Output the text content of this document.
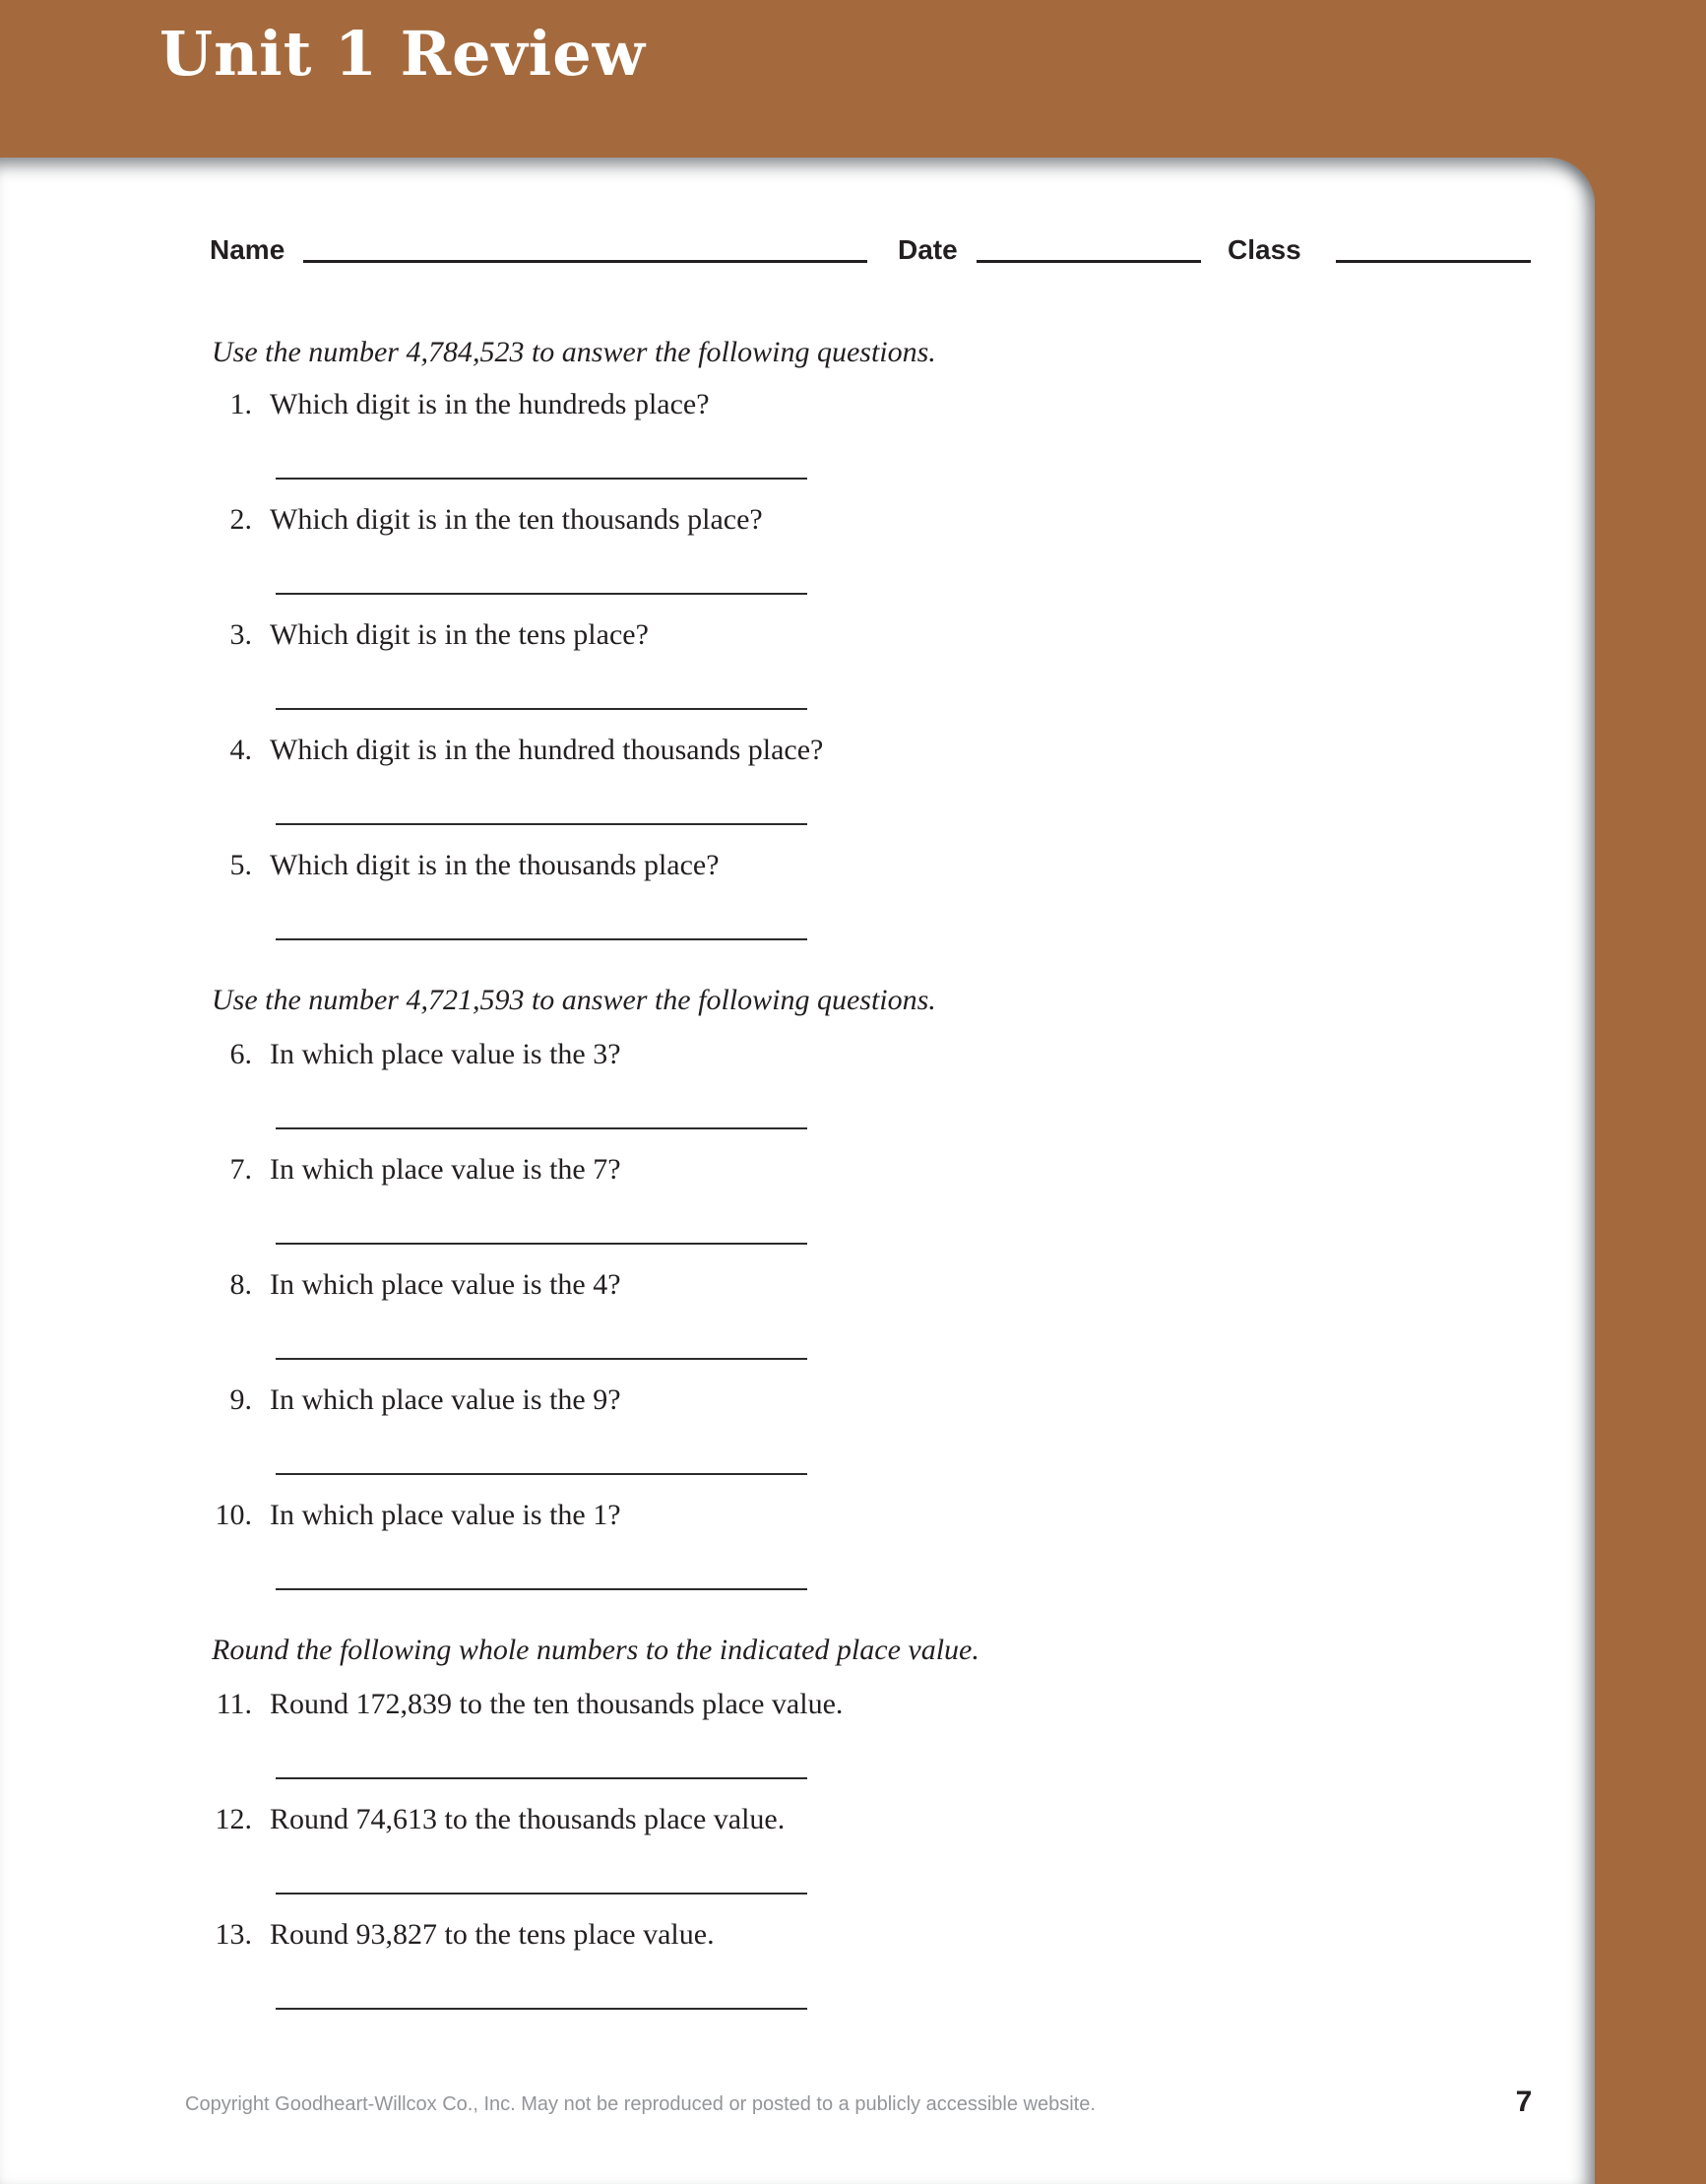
Unit 1 Review
Name	Date	Class
Copyright Goodheart-Willcox Co., Inc. May not be reproduced or posted to a publicly accessible website.	7
Use the number 4,784,523 to answer the following questions.
1. Which digit is in the hundreds place?
2. Which digit is in the ten thousands place?
3. Which digit is in the tens place?
4. Which digit is in the hundred thousands place?
5. Which digit is in the thousands place?
Use the number 4,721,593 to answer the following questions.
6. In which place value is the 3?
7. In which place value is the 7?
8. In which place value is the 4?
9. In which place value is the 9?
10. In which place value is the 1?
Round the following whole numbers to the indicated place value.
11. Round 172,839 to the ten thousands place value.
12. Round 74,613 to the thousands place value.
13. Round 93,827 to the tens place value.
